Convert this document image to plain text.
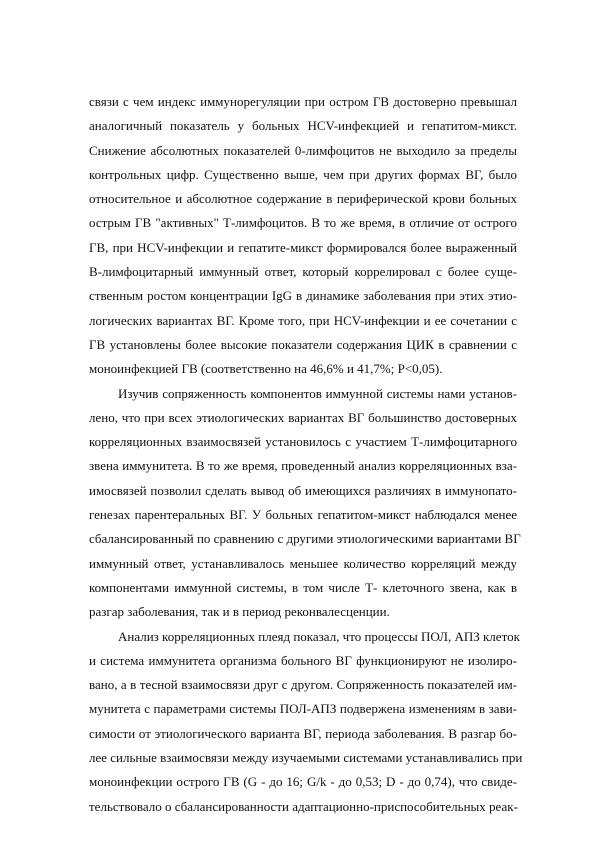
связи с чем индекс иммунорегуляции при остром ГВ достоверно превышал
аналогичный показатель у больных HCV-инфекцией и гепатитом-микст.
Снижение абсолютных показателей 0-лимфоцитов не выходило за пределы
контрольных цифр. Существенно выше, чем при других формах ВГ, было
относительное и абсолютное содержание в периферической крови больных
острым ГВ "активных" Т-лимфоцитов. В то же время, в отличие от острого
ГВ, при HCV-инфекции и гепатите-микст формировался более выраженный
В-лимфоцитарный иммунный ответ, который коррелировал с более суще-
ственным ростом концентрации IgG в динамике заболевания при этих этио-
логических вариантах ВГ. Кроме того, при HCV-инфекции и ее сочетании с
ГВ установлены более высокие показатели содержания ЦИК в сравнении с
моноинфекцией ГВ (соответственно на 46,6% и 41,7%; Р<0,05).
Изучив сопряженность компонентов иммунной системы нами установ-
лено, что при всех этиологических вариантах ВГ большинство достоверных
корреляционных взаимосвязей установилось с участием Т-лимфоцитарного
звена иммунитета. В то же время, проведенный анализ корреляционных вза-
имосвязей позволил сделать вывод об имеющихся различиях в иммунопато-
генезах парентеральных ВГ. У больных гепатитом-микст наблюдался менее
сбалансированный по сравнению с другими этиологическими вариантами ВГ
иммунный ответ, устанавливалось меньшее количество корреляций между
компонентами иммунной системы, в том числе Т- клеточного звена, как в
разгар заболевания, так и в период реконвалесценции.
Анализ корреляционных плеяд показал, что процессы ПОЛ, АПЗ клеток
и система иммунитета организма больного ВГ функционируют не изолиро-
вано, а в тесной взаимосвязи друг с другом. Сопряженность показателей им-
мунитета с параметрами системы ПОЛ-АПЗ подвержена изменениям в зави-
симости от этиологического варианта ВГ, периода заболевания. В разгар бо-
лее сильные взаимосвязи между изучаемыми системами устанавливались при
моноинфекции острого ГВ (G - до 16; G/k - до 0,53; D - до 0,74), что свиде-
тельствовало о сбалансированности адаптационно-приспособительных реак-
